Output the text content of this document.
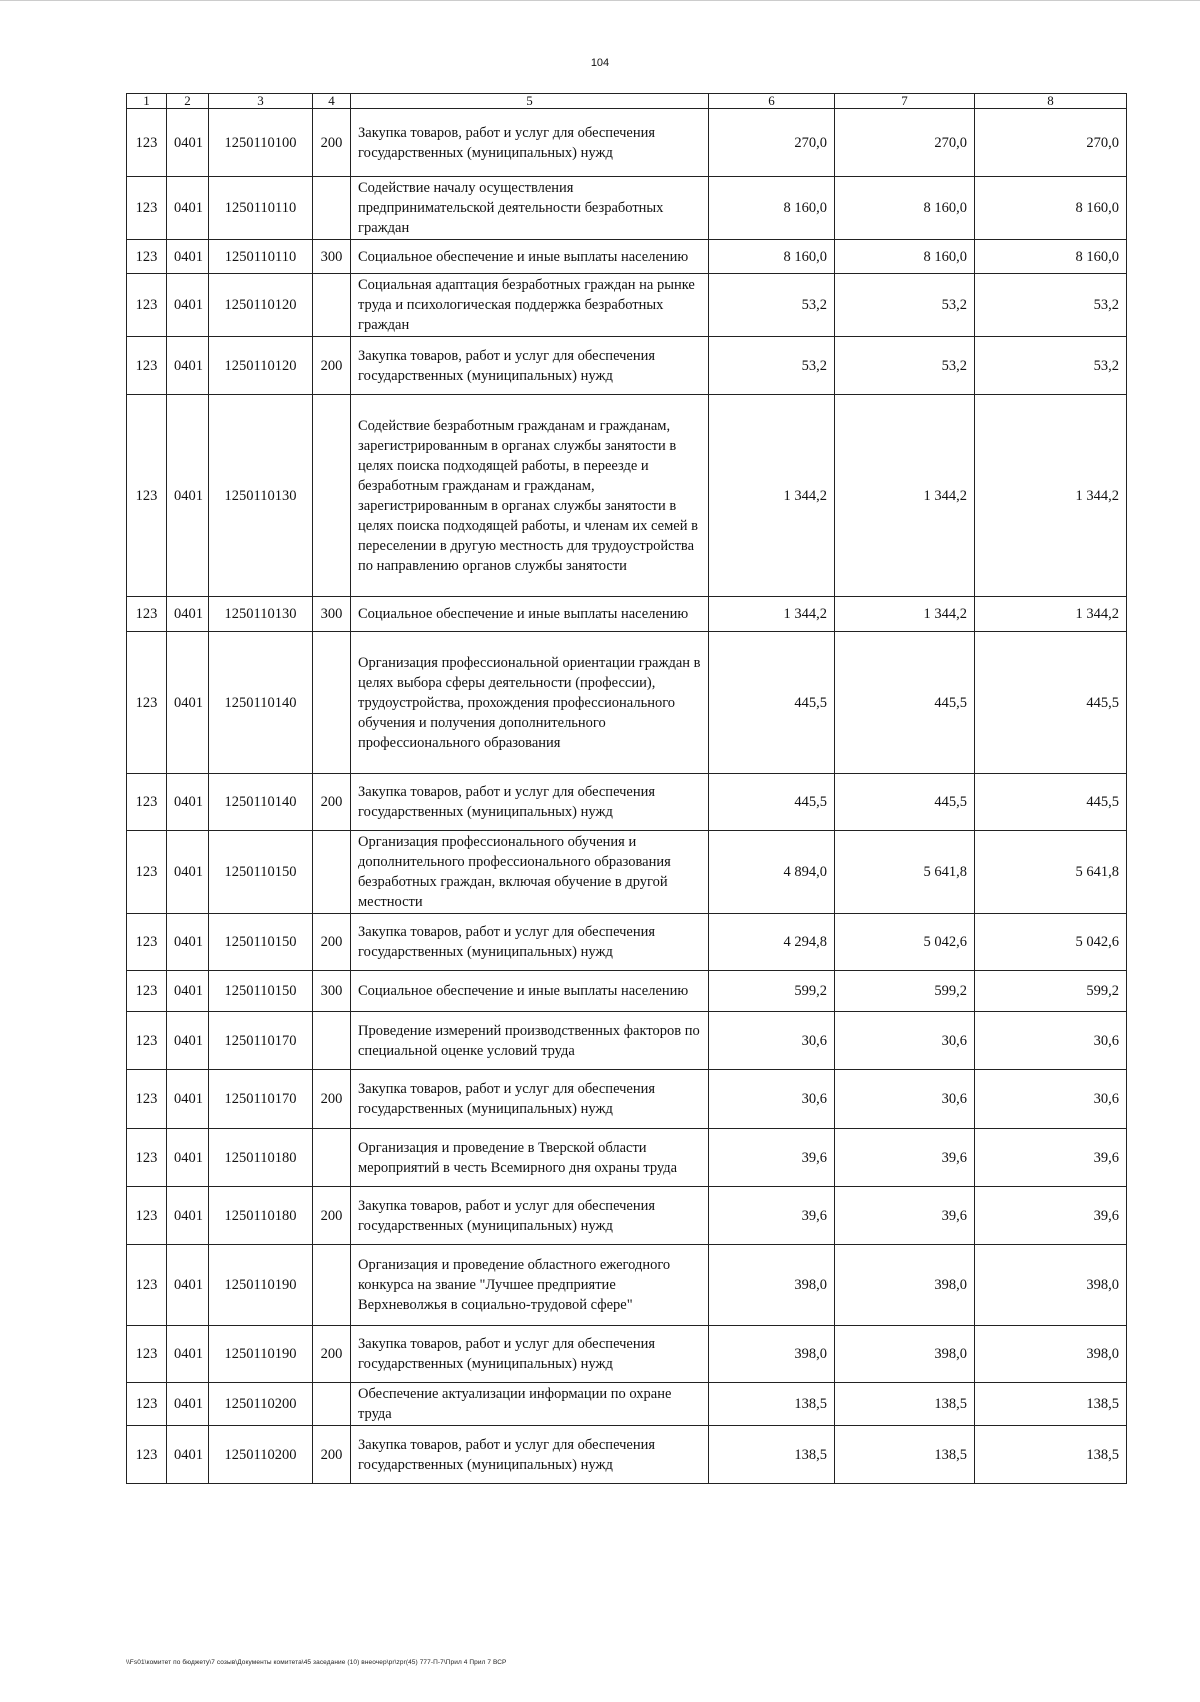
104
1	2	3	4	5	6	7	8
123	0401	1250110100	200	Закупка товаров, работ и услуг для обеспечения государственных (муниципальных) нужд	270,0	270,0	270,0
123	0401	1250110110		Содействие началу осуществления предпринимательской деятельности безработных граждан	8 160,0	8 160,0	8 160,0
123	0401	1250110110	300	Социальное обеспечение и иные выплаты населению	8 160,0	8 160,0	8 160,0
123	0401	1250110120		Социальная адаптация безработных граждан на рынке труда и психологическая поддержка безработных граждан	53,2	53,2	53,2
123	0401	1250110120	200	Закупка товаров, работ и услуг для обеспечения государственных (муниципальных) нужд	53,2	53,2	53,2
123	0401	1250110130		Содействие безработным гражданам и гражданам, зарегистрированным в органах службы занятости в целях поиска подходящей работы, в переезде и безработным гражданам и гражданам, зарегистрированным в органах службы занятости в целях поиска подходящей работы, и членам их семей в переселении в другую местность для трудоустройства по направлению органов службы занятости	1 344,2	1 344,2	1 344,2
123	0401	1250110130	300	Социальное обеспечение и иные выплаты населению	1 344,2	1 344,2	1 344,2
123	0401	1250110140		Организация профессиональной ориентации граждан в целях выбора сферы деятельности (профессии), трудоустройства, прохождения профессионального обучения и получения дополнительного профессионального образования	445,5	445,5	445,5
123	0401	1250110140	200	Закупка товаров, работ и услуг для обеспечения государственных (муниципальных) нужд	445,5	445,5	445,5
123	0401	1250110150		Организация профессионального обучения и дополнительного профессионального образования безработных граждан, включая обучение в другой местности	4 894,0	5 641,8	5 641,8
123	0401	1250110150	200	Закупка товаров, работ и услуг для обеспечения государственных (муниципальных) нужд	4 294,8	5 042,6	5 042,6
123	0401	1250110150	300	Социальное обеспечение и иные выплаты населению	599,2	599,2	599,2
123	0401	1250110170		Проведение измерений производственных факторов по специальной оценке условий труда	30,6	30,6	30,6
123	0401	1250110170	200	Закупка товаров, работ и услуг для обеспечения государственных (муниципальных) нужд	30,6	30,6	30,6
123	0401	1250110180		Организация и проведение в Тверской области мероприятий в честь Всемирного дня охраны труда	39,6	39,6	39,6
123	0401	1250110180	200	Закупка товаров, работ и услуг для обеспечения государственных (муниципальных) нужд	39,6	39,6	39,6
123	0401	1250110190		Организация и проведение областного ежегодного конкурса на звание "Лучшее предприятие Верхневолжья в социально-трудовой сфере"	398,0	398,0	398,0
123	0401	1250110190	200	Закупка товаров, работ и услуг для обеспечения государственных (муниципальных) нужд	398,0	398,0	398,0
123	0401	1250110200		Обеспечение актуализации информации по охране труда	138,5	138,5	138,5
123	0401	1250110200	200	Закупка товаров, работ и услуг для обеспечения государственных (муниципальных) нужд	138,5	138,5	138,5
\\Fs01\комитет по бюджету\7 созыв\Документы комитета\45 заседание (10) внеочер\pr\zpr(45) 777-П-7\Прил 4 Прил 7 ВСР
